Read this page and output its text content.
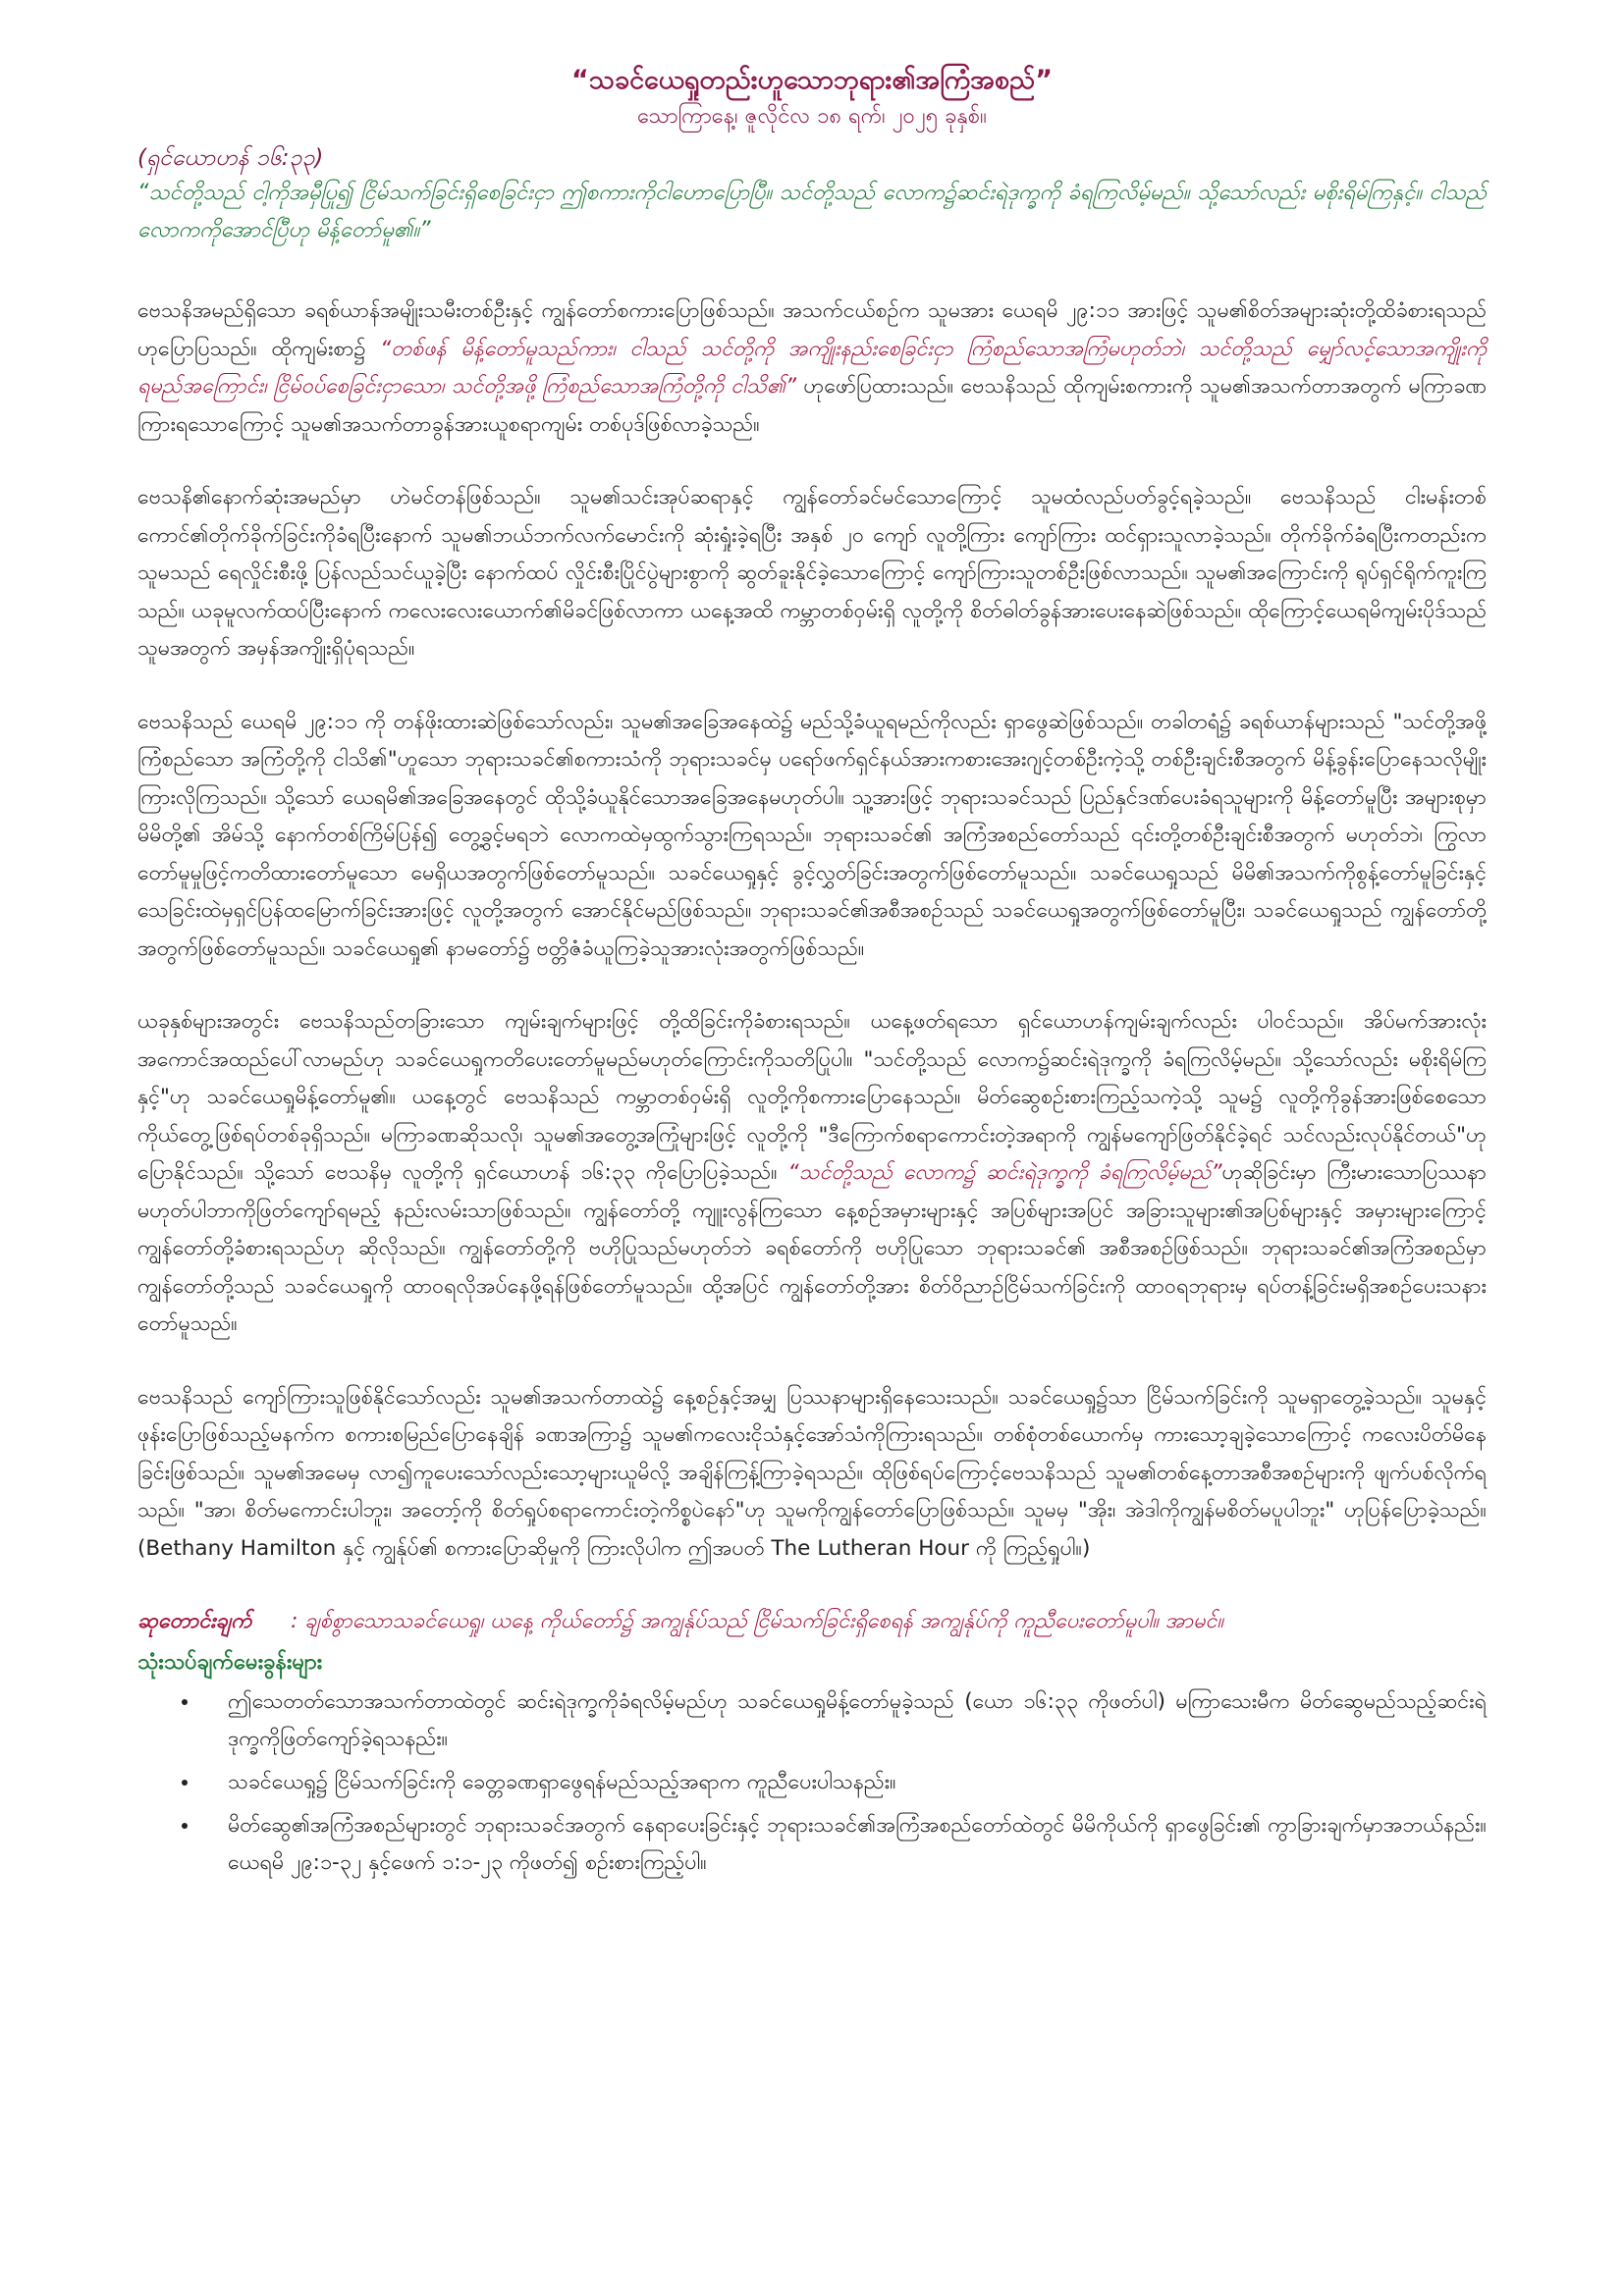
“သခင်ယေရှုတည်းဟူသောဘုရား၏အကြံအစည်”

သောကြာနေ့၊ ဇူလိုင်လ ၁၈ ရက်၊ ၂၀၂၅ ခုနှစ်။

(ရှင်ယောဟန် ၁၆:၃၃)

“သင်တို့သည် ငါ့ကိုအမှီပြု၍ ငြိမ်သက်ခြင်းရှိစေခြင်းငှာ ဤစကားကိုငါဟောပြောပြီ။ သင်တို့သည် လောက၌ဆင်းရဲဒုက္ခကို ခံရကြလိမ့်မည်။ သို့သော်လည်း မစိုးရိမ်ကြနှင့်။ ငါသည် လောကကိုအောင်ပြီဟု မိန့်တော်မူ၏။”

ဗေသနိအမည်ရှိသော ခရစ်ယာန်အမျိုးသမီးတစ်ဦးနှင့် ကျွန်တော်စကားပြောဖြစ်သည်။ အသက်ငယ်စဉ်က သူမအား ယေရမိ ၂၉:၁၁ အားဖြင့် သူမ၏စိတ်အများဆုံးတို့ထိခံစားရသည်ဟုပြောပြသည်။ ထိုကျမ်းစာ၌ “တစ်ဖန် မိန့်တော်မူသည်ကား၊ ငါသည် သင်တို့ကို အကျိုးနည်းစေခြင်းငှာ ကြံစည်သောအကြံမဟုတ်ဘဲ၊ သင်တို့သည် မျှော်လင့်သောအကျိုးကိုရမည်အကြောင်း၊ ငြိမ်ဝပ်စေခြင်းငှာသော၊ သင်တို့အဖို့ ကြံစည်သောအကြံတို့ကို ငါသိ၏” ဟုဖော်ပြထားသည်။ ဗေသနိသည် ထိုကျမ်းစကားကို သူမ၏အသက်တာအတွက် မကြာခဏကြားရသောကြောင့် သူမ၏အသက်တာခွန်အားယူစရာကျမ်း တစ်ပုဒ်ဖြစ်လာခဲ့သည်။

ဗေသနိ၏နောက်ဆုံးအမည်မှာ ဟဲမင်တန်ဖြစ်သည်။ သူမ၏သင်းအုပ်ဆရာနှင့် ကျွန်တော်ခင်မင်သောကြောင့် သူမထံလည်ပတ်ခွင့်ရခဲ့သည်။ ဗေသနိသည် ငါးမန်းတစ်ကောင်၏တိုက်ခိုက်ခြင်းကိုခံရပြီးနောက် သူမ၏ဘယ်ဘက်လက်မောင်းကို ဆုံးရှုံးခဲ့ရပြီး အနှစ် ၂၀ ကျော် လူတို့ကြား ကျော်ကြား ထင်ရှားသူလာခဲ့သည်။ တိုက်ခိုက်ခံရပြီးကတည်းက သူမသည် ရေလှိုင်းစီးဖို့ ပြန်လည်သင်ယူခဲ့ပြီး နောက်ထပ် လှိုင်းစီးပြိုင်ပွဲများစွာကို ဆွတ်ခူးနိုင်ခဲ့သောကြောင့် ကျော်ကြားသူတစ်ဦးဖြစ်လာသည်။ သူမ၏အကြောင်းကို ရုပ်ရှင်ရိုက်ကူးကြသည်။ ယခုမူလက်ထပ်ပြီးနောက် ကလေးလေးယောက်၏မိခင်ဖြစ်လာကာ ယနေ့အထိ ကမ္ဘာတစ်ဝှမ်းရှိ လူတို့ကို စိတ်ဓါတ်ခွန်အားပေးနေဆဲဖြစ်သည်။ ထိုကြောင့်ယေရမိကျမ်းပိုဒ်သည် သူမအတွက် အမှန်အကျိုးရှိပုံရသည်။

ဗေသနိသည် ယေရမိ ၂၉:၁၁ ကို တန်ဖိုးထားဆဲဖြစ်သော်လည်း၊ သူမ၏အခြေအနေထဲ၌ မည်သို့ခံယူရမည်ကိုလည်း ရှာဖွေဆဲဖြစ်သည်။ တခါတရံ၌ ခရစ်ယာန်များသည် "သင်တို့အဖို့ကြံစည်သော အကြံတို့ကို ငါသိ၏"ဟူသော ဘုရားသခင်၏စကားသံကို ဘုရားသခင်မှ ပရော်ဖက်ရှင်နယ်အားကစားအေးဂျင့်တစ်ဦးကဲ့သို့ တစ်ဦးချင်းစီအတွက် မိန့်ခွန်းပြောနေသလိုမျိုး ကြားလိုကြသည်။ သို့သော် ယေရမိ၏အခြေအနေတွင် ထိုသို့ခံယူနိုင်သောအခြေအနေမဟုတ်ပါ။ သူ့အားဖြင့် ဘုရားသခင်သည် ပြည်နှင်ဒဏ်ပေးခံရသူများကို မိန့်တော်မူပြီး အများစုမှာ မိမိတို့၏ အိမ်သို့ နောက်တစ်ကြိမ်ပြန်၍ တွေ့ခွင့်မရဘဲ လောကထဲမှထွက်သွားကြရသည်။ ဘုရားသခင်၏ အကြံအစည်တော်သည် ၎င်းတို့တစ်ဦးချင်းစီအတွက် မဟုတ်ဘဲ၊ ကြွလာတော်မူမှုဖြင့်ကတိထားတော်မူသော မေရှိယအတွက်ဖြစ်တော်မူသည်။ သခင်ယေရှုနှင့် ခွင့်လွှတ်ခြင်းအတွက်ဖြစ်တော်မူသည်။ သခင်ယေရှုသည် မိမိ၏အသက်ကိုစွန့်တော်မူခြင်းနှင့် သေခြင်းထဲမှရှင်ပြန်ထမြောက်ခြင်းအားဖြင့် လူတို့အတွက် အောင်နိုင်မည်ဖြစ်သည်။ ဘုရားသခင်၏အစီအစဉ်သည် သခင်ယေရှုအတွက်ဖြစ်တော်မူပြီး၊ သခင်ယေရှုသည် ကျွန်တော်တို့အတွက်ဖြစ်တော်မူသည်။ သခင်ယေရှု၏ နာမတော်၌ ဗတ္တိဇံခံယူကြခဲ့သူအားလုံးအတွက်ဖြစ်သည်။

ယခုနှစ်များအတွင်း ဗေသနိသည်တခြားသော ကျမ်းချက်များဖြင့် တို့ထိခြင်းကိုခံစားရသည်။ ယနေ့ဖတ်ရသော ရှင်ယောဟန်ကျမ်းချက်လည်း ပါဝင်သည်။ အိပ်မက်အားလုံး အကောင်အထည်ပေါ်လာမည်ဟု သခင်ယေရှုကတိပေးတော်မူမည်မဟုတ်ကြောင်းကိုသတိပြုပါ။ "သင်တို့သည် လောက၌ဆင်းရဲဒုက္ခကို ခံရကြလိမ့်မည်။ သို့သော်လည်း မစိုးရိမ်ကြနှင့်"ဟု သခင်ယေရှုမိန့်တော်မူ၏။ ယနေ့တွင် ဗေသနိသည် ကမ္ဘာတစ်ဝှမ်းရှိ လူတို့ကိုစကားပြောနေသည်။ မိတ်ဆွေစဉ်းစားကြည့်သကဲ့သို့ သူမ၌ လူတို့ကိုခွန်အားဖြစ်စေသော ကိုယ်တွေ့ဖြစ်ရပ်တစ်ခုရှိသည်။ မကြာခဏဆိုသလို၊ သူမ၏အတွေ့အကြုံများဖြင့် လူတို့ကို "ဒီကြောက်စရာကောင်းတဲ့အရာကို ကျွန်မကျော်ဖြတ်နိုင်ခဲ့ရင် သင်လည်းလုပ်နိုင်တယ်"ဟုပြောနိုင်သည်။ သို့သော် ဗေသနိမှ လူတို့ကို ရှင်ယောဟန် ၁၆:၃၃ ကိုပြောပြခဲ့သည်။ “သင်တို့သည် လောက၌ ဆင်းရဲဒုက္ခကို ခံရကြလိမ့်မည်”ဟုဆိုခြင်းမှာ ကြီးမားသောပြဿနာမဟုတ်ပါဘာကိုဖြတ်ကျော်ရမည့် နည်းလမ်းသာဖြစ်သည်။ ကျွန်တော်တို့ ကျူးလွန်ကြသော နေ့စဉ်အမှားများနှင့် အပြစ်များအပြင် အခြားသူများ၏အပြစ်များနှင့် အမှားများကြောင့် ကျွန်တော်တို့ခံစားရသည်ဟု ဆိုလိုသည်။ ကျွန်တော်တို့ကို ဗဟိုပြုသည်မဟုတ်ဘဲ ခရစ်တော်ကို ဗဟိုပြုသော ဘုရားသခင်၏ အစီအစဉ်ဖြစ်သည်။ ဘုရားသခင်၏အကြံအစည်မှာ ကျွန်တော်တို့သည် သခင်ယေရှုကို ထာဝရလိုအပ်နေဖို့ရန်ဖြစ်တော်မူသည်။ ထို့အပြင် ကျွန်တော်တို့အား စိတ်ဝိညာဉ်ငြိမ်သက်ခြင်းကို ထာဝရဘုရားမှ ရပ်တန့်ခြင်းမရှိအစဉ်ပေးသနားတော်မူသည်။

ဗေသနိသည် ကျော်ကြားသူဖြစ်နိုင်သော်လည်း သူမ၏အသက်တာထဲ၌ နေ့စဉ်နှင့်အမျှ ပြဿနာများရှိနေသေးသည်။ သခင်ယေရှု၌သာ ငြိမ်သက်ခြင်းကို သူမရှာတွေ့ခဲ့သည်။ သူမနှင့်ဖုန်းပြောဖြစ်သည့်မနက်က စကားစမြည်ပြောနေချိန် ခဏအကြာ၌ သူမ၏ကလေးငိုသံနှင့်အော်သံကိုကြားရသည်။ တစ်စုံတစ်ယောက်မှ ကားသော့ချခဲ့သောကြောင့် ကလေးပိတ်မိနေခြင်းဖြစ်သည်။ သူမ၏အမေမှ လာ၍ကူပေးသော်လည်းသော့များယူမိလို့ အချိန်ကြန့်ကြာခဲ့ရသည်။ ထိုဖြစ်ရပ်ကြောင့်ဗေသနိသည် သူမ၏တစ်နေ့တာအစီအစဉ်များကို ဖျက်ပစ်လိုက်ရသည်။ "အာ၊ စိတ်မကောင်းပါဘူး၊ အတော့်ကို စိတ်ရှုပ်စရာကောင်းတဲ့ကိစ္စပဲနော်"ဟု သူမကိုကျွန်တော်ပြောဖြစ်သည်။ သူမမှ "အိုး၊ အဲဒါကိုကျွန်မစိတ်မပူပါဘူး" ဟုပြန်ပြောခဲ့သည်။ (Bethany Hamilton နှင့် ကျွန်ုပ်၏ စကားပြောဆိုမှုကို ကြားလိုပါက ဤအပတ် The Lutheran Hour ကို ကြည့်ရှုပါ။)

ဆုတောင်းချက် : ချစ်စွာသောသခင်ယေရှု၊ ယနေ့ ကိုယ်တော်၌ အကျွန်ုပ်သည် ငြိမ်သက်ခြင်းရှိစေရန် အကျွန်ုပ်ကို ကူညီပေးတော်မူပါ။ အာမင်။

သုံးသပ်ချက်မေးခွန်းများ

• ဤသေတတ်သောအသက်တာထဲတွင် ဆင်းရဲဒုက္ခကိုခံရလိမ့်မည်ဟု သခင်ယေရှုမိန့်တော်မူခဲ့သည် (ယော ၁၆:၃၃ ကိုဖတ်ပါ) မကြာသေးမီက မိတ်ဆွေမည်သည့်ဆင်းရဲဒုက္ခကိုဖြတ်ကျော်ခဲ့ရသနည်း။
• သခင်ယေရှု၌ ငြိမ်သက်ခြင်းကို ခေတ္တခဏရှာဖွေရန်မည်သည့်အရာက ကူညီပေးပါသနည်း။
• မိတ်ဆွေ၏အကြံအစည်များတွင် ဘုရားသခင်အတွက် နေရာပေးခြင်းနှင့် ဘုရားသခင်၏အကြံအစည်တော်ထဲတွင် မိမိကိုယ်ကို ရှာဖွေခြင်း၏ ကွာခြားချက်မှာအဘယ်နည်း။ ယေရမိ ၂၉:၁-၃၂ နှင့်ဖေက် ၁:၁-၂၃ ကိုဖတ်၍ စဉ်းစားကြည့်ပါ။
